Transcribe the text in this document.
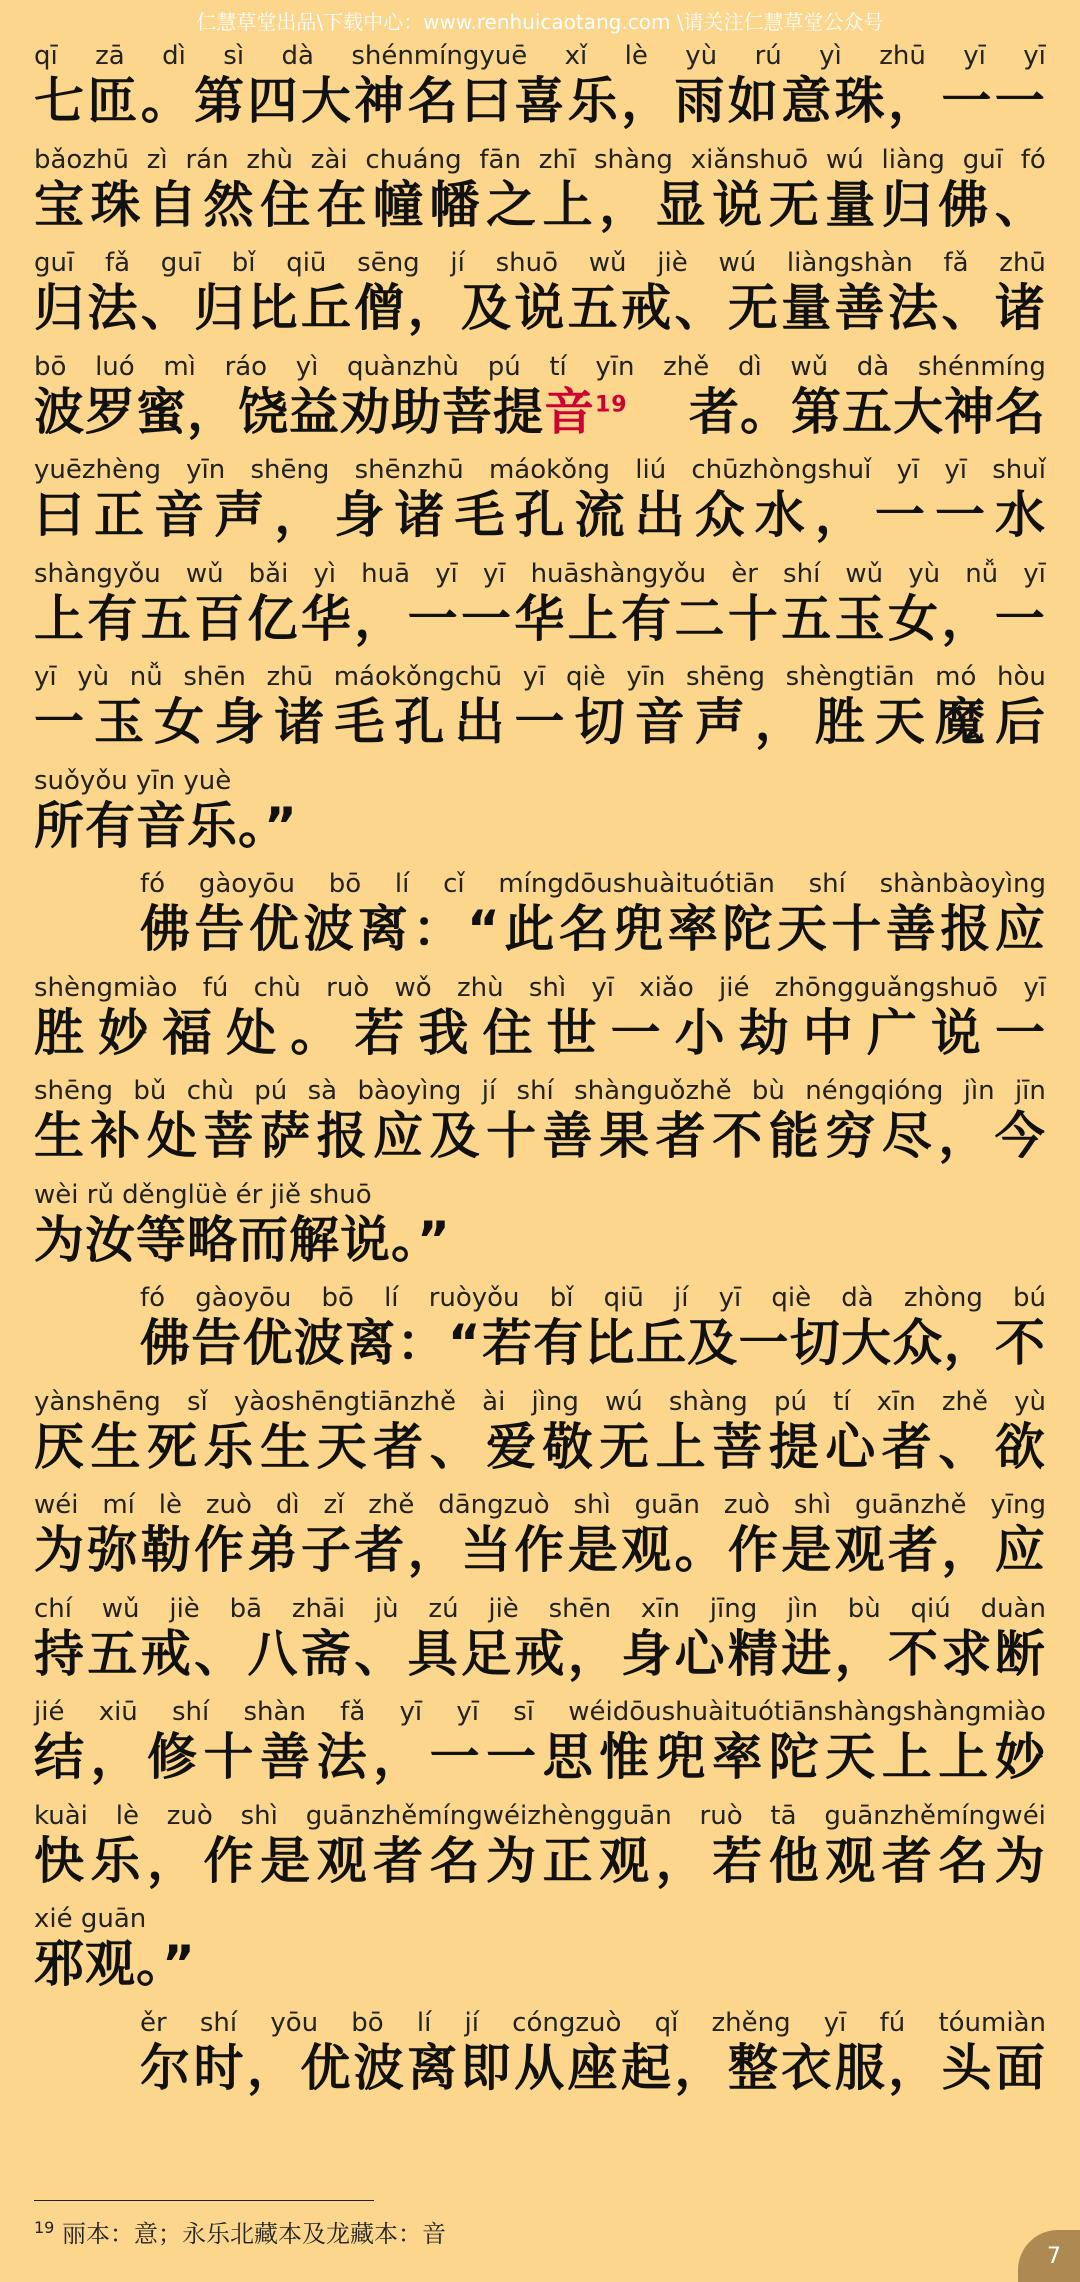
仁慧草堂出品\下载中心：www.renhuicaotang.com \请关注仁慧草堂公众号
qī zā dì sì dà shénmíngyuē xǐ lè yù rú yì zhū yī yī
七 匝 。 第 四 大 神 名 曰 喜 乐 ， 雨 如 意 珠 ， 一 一
bǎozhū zì rán zhù zài chuáng fān zhī shàng xiǎnshuō wú liàng guī fó
宝 珠 自 然 住 在 幢 幡 之 上 ， 显 说 无 量 归 佛 、
guī fǎ guī bǐ qiū sēng jí shuō wǔ jiè wú liàngshàn fǎ zhū
归 法 、 归 比 丘 僧 ， 及 说 五 戒 、 无 量 善 法 、 诸
bō luó mì ráo yì quànzhù pú tí yīn zhě dì wǔ dà shénmíng
波罗蜜，饶益劝助菩提音$^{19}$ 者。第五大神名
yuēzhèng yīn shēng shēnzhū máokǒng liú chūzhòngshuǐ yī yī shuǐ
曰 正 音 声 ， 身 诸 毛 孔 流 出 众 水 ， 一 一 水
shàngyǒu wǔ bǎi yì huā yī yī huāshàngyǒu èr shí wǔ yù nǚ yī
上 有 五 百 亿 华 ， 一 一 华 上 有 二 十 五 玉 女 ， 一
yī yù nǚ shēn zhū máokǒngchū yī qiè yīn shēng shèngtiān mó hòu
一 玉 女 身 诸 毛 孔 出 一 切 音 声 ， 胜 天 魔 后
suǒyǒu yīn yuè
所有音乐。”
fó gàoyōu bō lí cǐ míngdōushuàituótiān shí shànbàoyìng
佛 告 优 波 离 ： “ 此 名 兜 率 陀 天 十 善 报 应
shèngmiào fú chù ruò wǒ zhù shì yī xiǎo jié zhōngguǎngshuō yī
胜 妙 福 处 。 若 我 住 世 一 小 劫 中 广 说 一
shēng bǔ chù pú sà bàoyìng jí shí shànguǒzhě bù néngqióng jìn jīn
生 补 处 菩 萨 报 应 及 十 善 果 者 不 能 穷 尽 ， 今
wèi rǔ děnglüè ér jiě shuō
为汝等略而解说。”
fó gàoyōu bō lí ruòyǒu bǐ qiū jí yī qiè dà zhòng bú
佛 告 优 波 离 ： “ 若 有 比 丘 及 一 切 大 众 ， 不
yànshēng sǐ yàoshēngtiānzhě ài jìng wú shàng pú tí xīn zhě yù
厌 生 死 乐 生 天 者 、 爱 敬 无 上 菩 提 心 者 、 欲
wéi mí lè zuò dì zǐ zhě dāngzuò shì guān zuò shì guānzhě yīng
为 弥 勒 作 弟 子 者 ， 当 作 是 观 。 作 是 观 者 ， 应
chí wǔ jiè bā zhāi jù zú jiè shēn xīn jīng jìn bù qiú duàn
持 五 戒 、 八 斋 、 具 足 戒 ， 身 心 精 进 ， 不 求 断
jié xiū shí shàn fǎ yī yī sī wéidōushuàituótiānshàngshàngmiào
结 ， 修 十 善 法 ， 一 一 思 惟 兜 率 陀 天 上 上 妙
kuài lè zuò shì guānzhěmíngwéizhèngguān ruò tā guānzhěmíngwéi
快 乐 ， 作 是 观 者 名 为 正 观 ， 若 他 观 者 名 为
xié guān
邪观。”
ěr shí yōu bō lí jí cóngzuò qǐ zhěng yī fú tóumiàn
尔 时 ， 优 波 离 即 从 座 起 ， 整 衣 服 ， 头 面
$^{19}$ 丽本：意；永乐北藏本及龙藏本：音
7
